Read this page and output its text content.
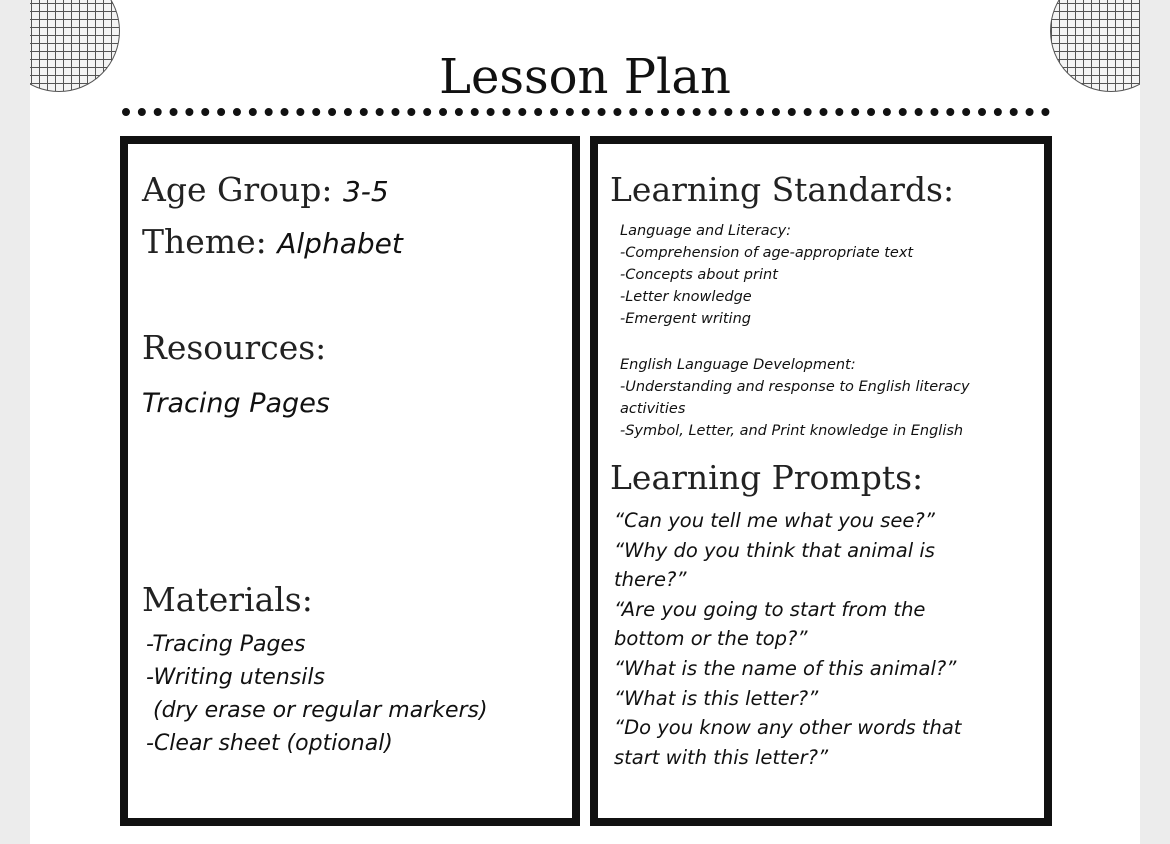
Lesson Plan
Age Group: 3-5
Theme: Alphabet
Resources:
Tracing Pages
Materials:
-Tracing Pages
-Writing utensils
(dry erase or regular markers)
-Clear sheet (optional)
Learning Standards:
Language and Literacy:
-Comprehension of age-appropriate text
-Concepts about print
-Letter knowledge
-Emergent writing
English Language Development:
-Understanding and response to English literacy
activities
-Symbol, Letter, and Print knowledge in English
Learning Prompts:
“Can you tell me what you see?”
“Why do you think that animal is
there?”
“Are you going to start from the
bottom or the top?”
“What is the name of this animal?”
“What is this letter?”
“Do you know any other words that
start with this letter?”
